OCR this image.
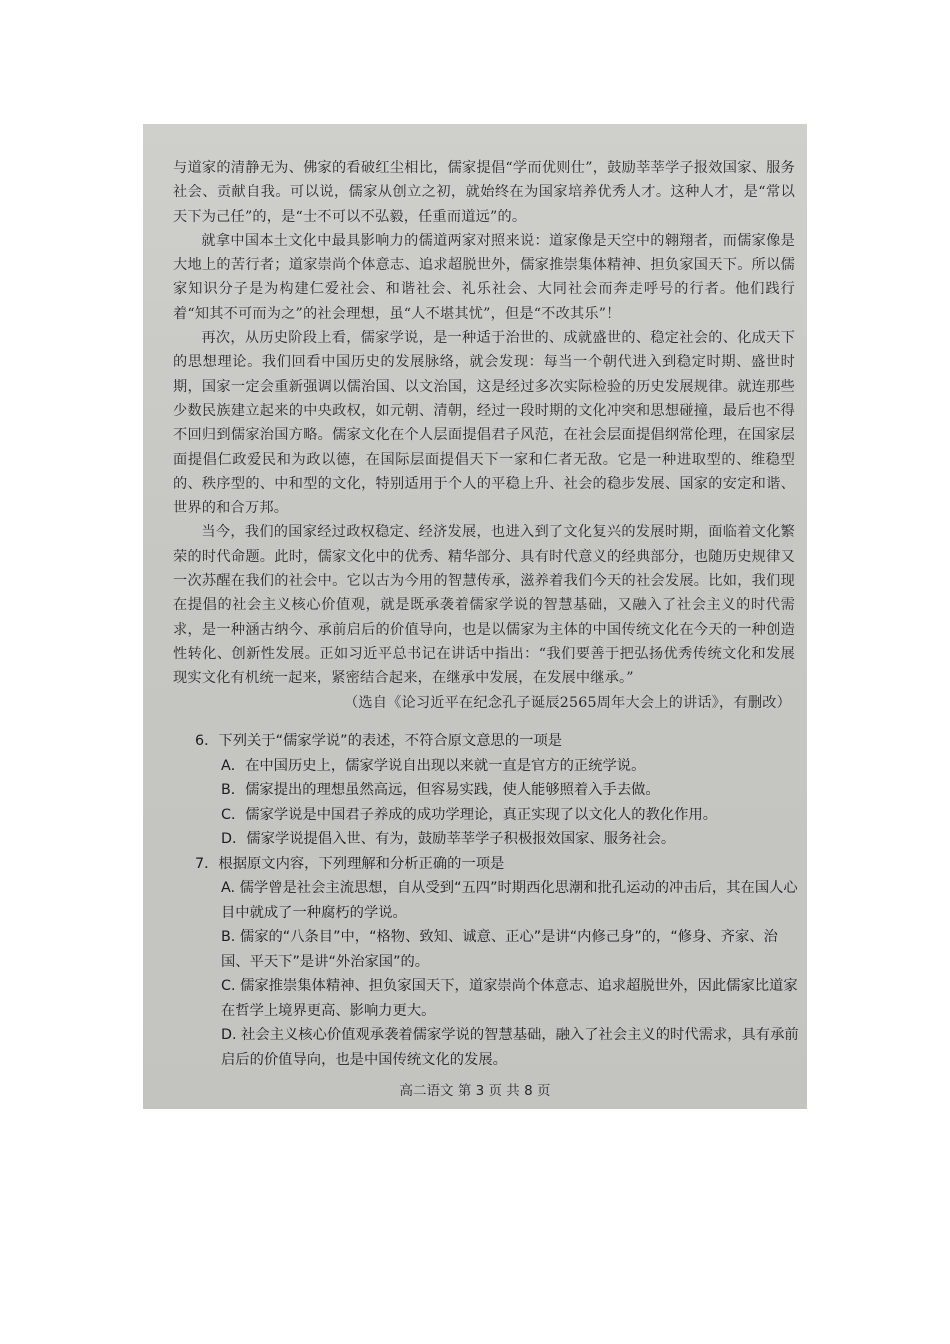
与道家的清静无为、佛家的看破红尘相比，儒家提倡“学而优则仕”，鼓励莘莘学子报效国家、服务社会、贡献自我。可以说，儒家从创立之初，就始终在为国家培养优秀人才。这种人才，是“常以天下为己任”的，是“士不可以不弘毅，任重而道远”的。

就拿中国本土文化中最具影响力的儒道两家对照来说：道家像是天空中的翱翔者，而儒家像是大地上的苦行者；道家崇尚个体意志、追求超脱世外，儒家推崇集体精神、担负家国天下。所以儒家知识分子是为构建仁爱社会、和谐社会、礼乐社会、大同社会而奔走呼号的行者。他们践行着“知其不可而为之”的社会理想，虽“人不堪其忧”，但是“不改其乐”！

再次，从历史阶段上看，儒家学说，是一种适于治世的、成就盛世的、稳定社会的、化成天下的思想理论。我们回看中国历史的发展脉络，就会发现：每当一个朝代进入到稳定时期、盛世时期，国家一定会重新强调以儒治国、以文治国，这是经过多次实际检验的历史发展规律。就连那些少数民族建立起来的中央政权，如元朝、清朝，经过一段时期的文化冲突和思想碰撞，最后也不得不回归到儒家治国方略。儒家文化在个人层面提倡君子风范，在社会层面提倡纲常伦理，在国家层面提倡仁政爱民和为政以德，在国际层面提倡天下一家和仁者无敌。它是一种进取型的、维稳型的、秩序型的、中和型的文化，特别适用于个人的平稳上升、社会的稳步发展、国家的安定和谐、世界的和合万邦。

当今，我们的国家经过政权稳定、经济发展，也进入到了文化复兴的发展时期，面临着文化繁荣的时代命题。此时，儒家文化中的优秀、精华部分、具有时代意义的经典部分，也随历史规律又一次苏醒在我们的社会中。它以古为今用的智慧传承，滋养着我们今天的社会发展。比如，我们现在提倡的社会主义核心价值观，就是既承袭着儒家学说的智慧基础，又融入了社会主义的时代需求，是一种涵古纳今、承前启后的价值导向，也是以儒家为主体的中国传统文化在今天的一种创造性转化、创新性发展。正如习近平总书记在讲话中指出：“我们要善于把弘扬优秀传统文化和发展现实文化有机统一起来，紧密结合起来，在继承中发展，在发展中继承。”

（选自《论习近平在纪念孔子诞辰2565周年大会上的讲话》，有删改）

6．下列关于“儒家学说”的表述，不符合原文意思的一项是

A．在中国历史上，儒家学说自出现以来就一直是官方的正统学说。

B．儒家提出的理想虽然高远，但容易实践，使人能够照着入手去做。

C．儒家学说是中国君子养成的成功学理论，真正实现了以文化人的教化作用。

D．儒家学说提倡入世、有为，鼓励莘莘学子积极报效国家、服务社会。

7．根据原文内容，下列理解和分析正确的一项是

A. 儒学曾是社会主流思想，自从受到“五四”时期西化思潮和批孔运动的冲击后，其在国人心目中就成了一种腐朽的学说。

B. 儒家的“八条目”中，“格物、致知、诚意、正心”是讲“内修己身”的，“修身、齐家、治国、平天下”是讲“外治家国”的。

C. 儒家推崇集体精神、担负家国天下，道家崇尚个体意志、追求超脱世外，因此儒家比道家在哲学上境界更高、影响力更大。

D. 社会主义核心价值观承袭着儒家学说的智慧基础，融入了社会主义的时代需求，具有承前启后的价值导向，也是中国传统文化的发展。

高二语文 第 3 页 共 8 页
